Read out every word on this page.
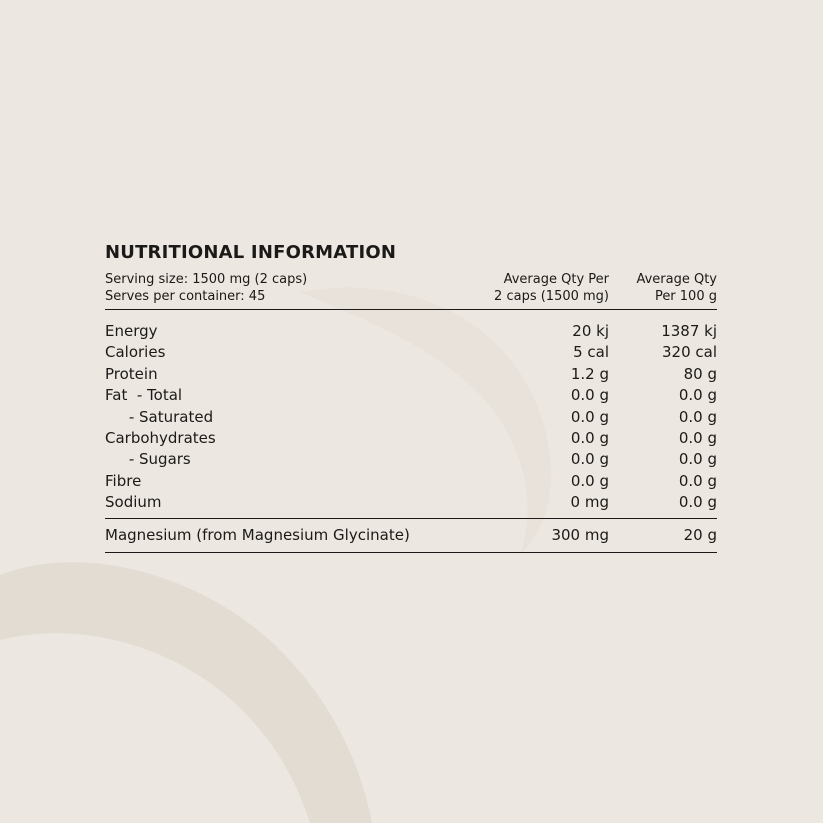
NUTRITIONAL INFORMATION
Serving size: 1500 mg (2 caps)
Serves per container: 45
Average Qty Per
2 caps (1500 mg)
Average Qty
Per 100 g
Energy	20 kj	1387 kj
Calories	5 cal	320 cal
Protein	1.2 g	80 g
Fat  - Total	0.0 g	0.0 g
- Saturated	0.0 g	0.0 g
Carbohydrates	0.0 g	0.0 g
- Sugars	0.0 g	0.0 g
Fibre	0.0 g	0.0 g
Sodium	0 mg	0.0 g
Magnesium (from Magnesium Glycinate)	300 mg	20 g
